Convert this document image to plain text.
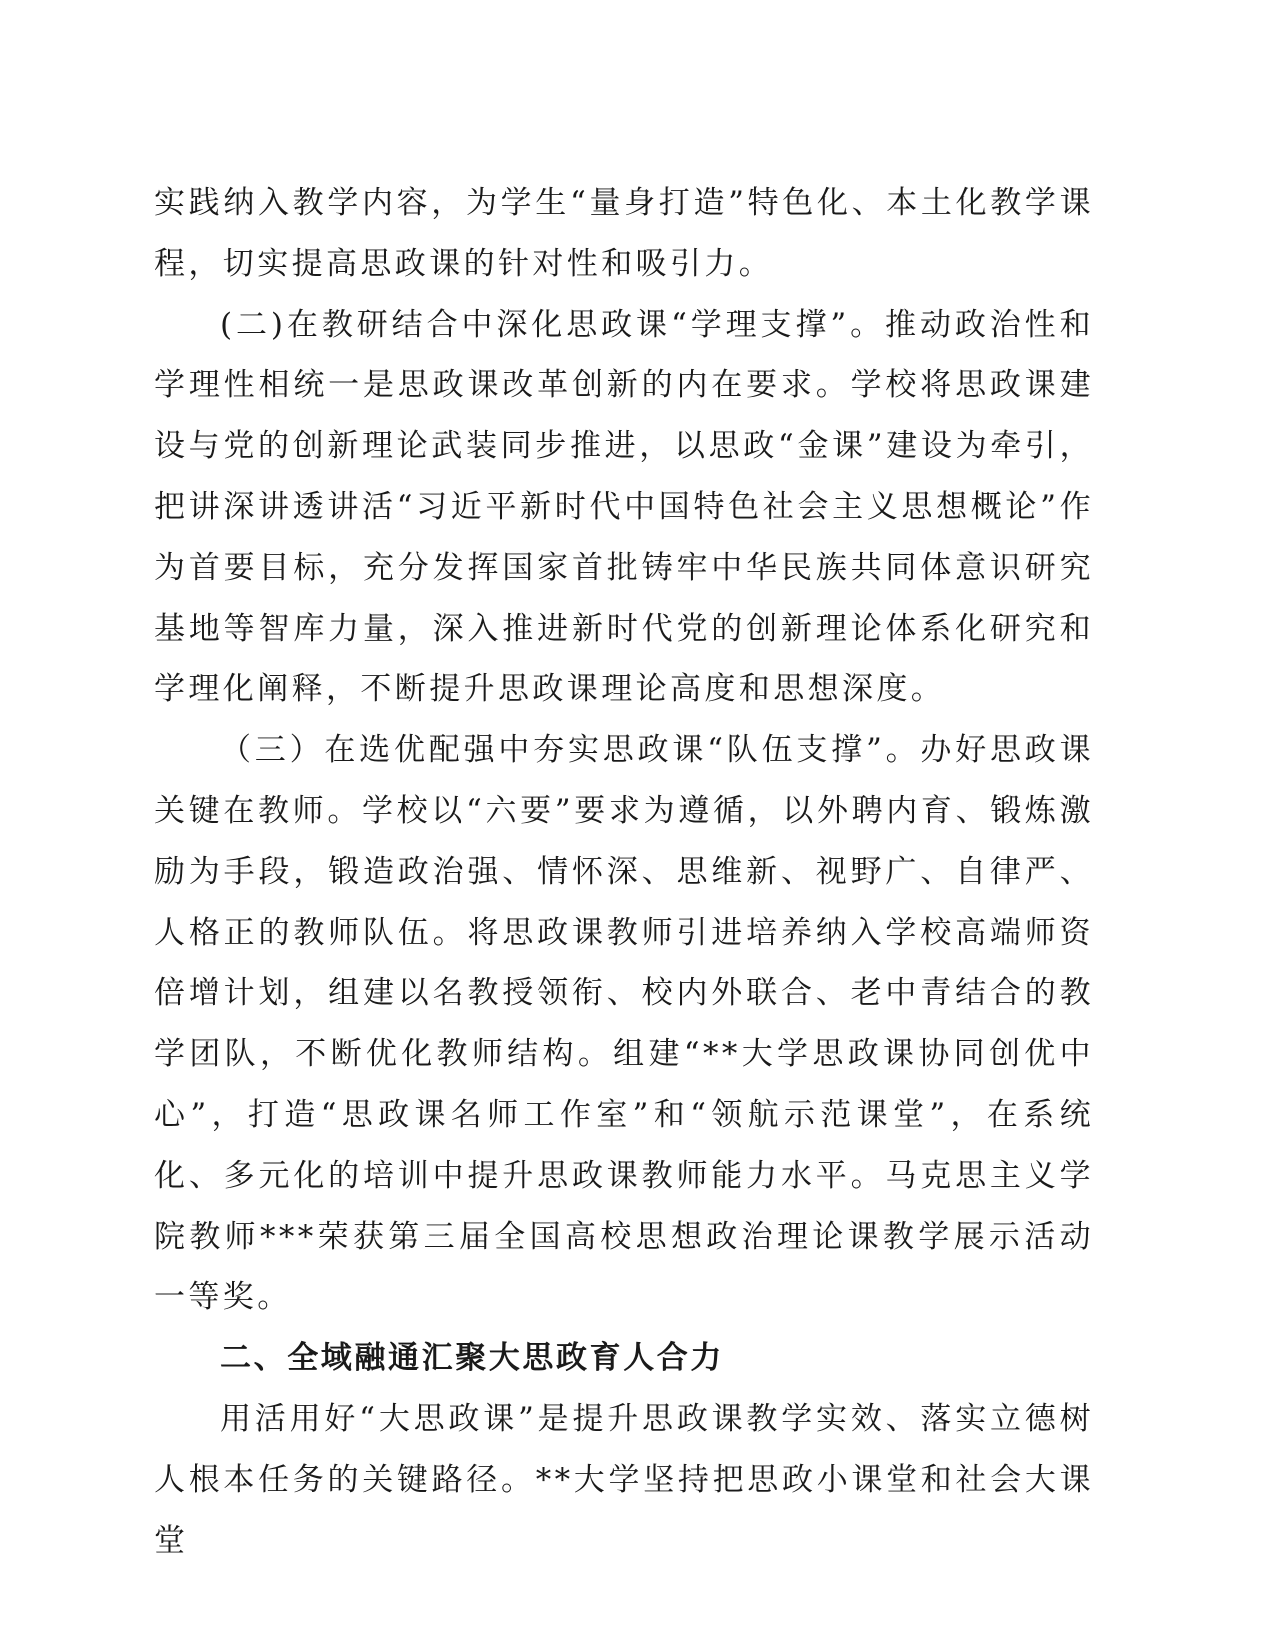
实践纳入教学内容，为学生“量身打造”特色化、本土化教学课程，切实提高思政课的针对性和吸引力。

(二)在教研结合中深化思政课“学理支撑”。推动政治性和学理性相统一是思政课改革创新的内在要求。学校将思政课建设与党的创新理论武装同步推进，以思政“金课”建设为牵引，把讲深讲透讲活“习近平新时代中国特色社会主义思想概论”作为首要目标，充分发挥国家首批铸牢中华民族共同体意识研究基地等智库力量，深入推进新时代党的创新理论体系化研究和学理化阐释，不断提升思政课理论高度和思想深度。

（三）在选优配强中夯实思政课“队伍支撑”。办好思政课关键在教师。学校以“六要”要求为遵循，以外聘内育、锻炼激励为手段，锻造政治强、情怀深、思维新、视野广、自律严、人格正的教师队伍。将思政课教师引进培养纳入学校高端师资倍增计划，组建以名教授领衔、校内外联合、老中青结合的教学团队，不断优化教师结构。组建“**大学思政课协同创优中心”，打造“思政课名师工作室”和“领航示范课堂”，在系统化、多元化的培训中提升思政课教师能力水平。马克思主义学院教师***荣获第三届全国高校思想政治理论课教学展示活动一等奖。

二、全域融通汇聚大思政育人合力

用活用好“大思政课”是提升思政课教学实效、落实立德树人根本任务的关键路径。**大学坚持把思政小课堂和社会大课堂
